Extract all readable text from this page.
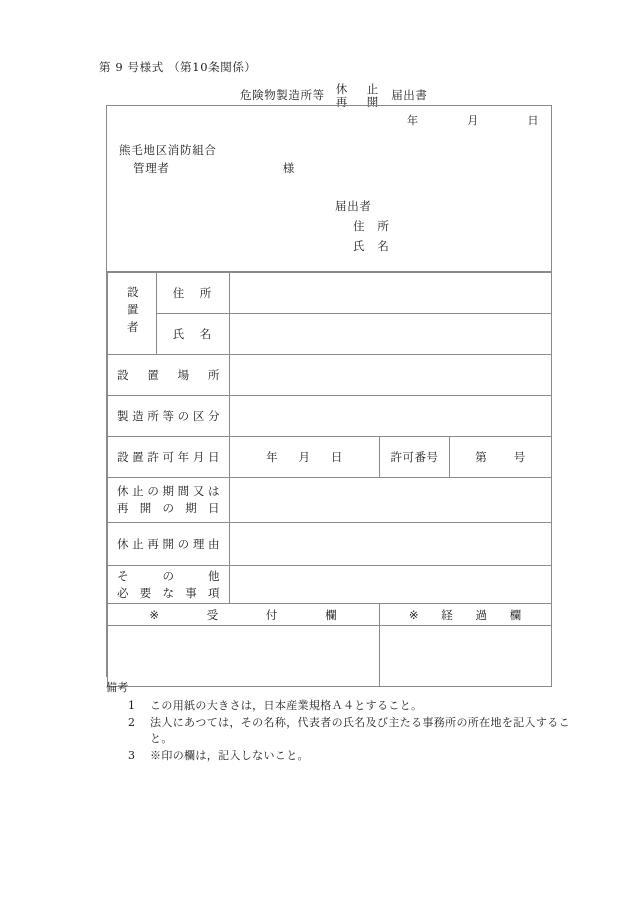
第 9 号様式 （第10条関係）
危険物製造所等 休　止
再　開 届出書
年	月	日
熊毛地区消防組合
管理者	様
届出者
住　所
氏　名
設置者	住　所			

氏　名			

設置場所				

製造所等の区分				

設置許可年月日		年 月 日	許可番号	第 号

休止の期間又は
再開の期日				

休止再開の理由				

そ　　の　　他
必要な事項				

※ 受 付 欄			※ 経 過 欄	

備考
1	この用紙の大きさは，日本産業規格Ａ４とすること。
2	法人にあつては，その名称，代表者の氏名及び主たる事務所の所在地を記入すること。
3	※印の欄は，記入しないこと。
